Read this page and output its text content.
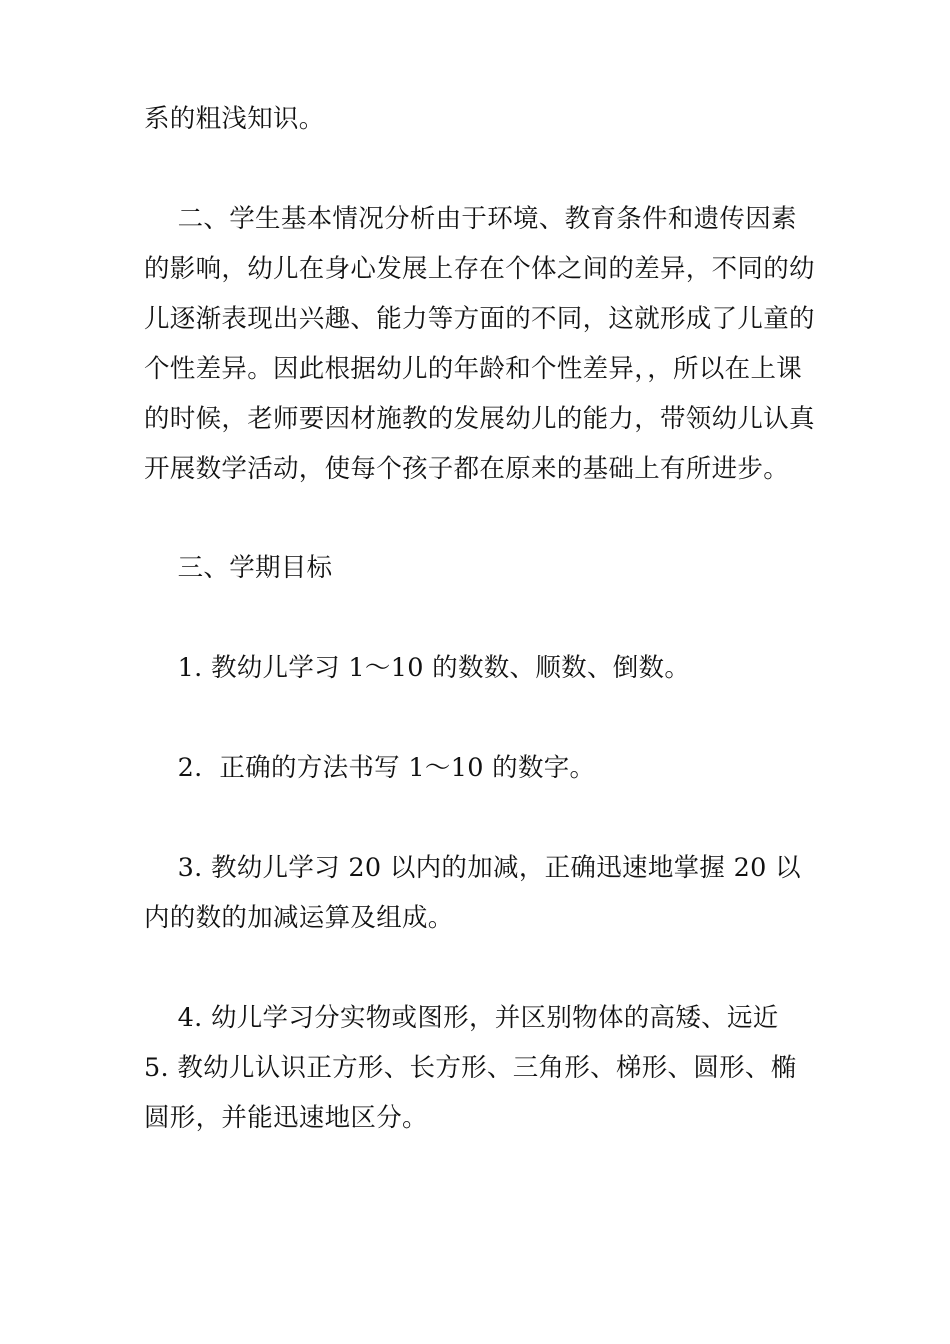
系的粗浅知识。
二、学生基本情况分析由于环境、教育条件和遗传因素
的影响，幼儿在身心发展上存在个体之间的差异，不同的幼
儿逐渐表现出兴趣、能力等方面的不同，这就形成了儿童的
个性差异。因此根据幼儿的年龄和个性差异，，所以在上课
的时候，老师要因材施教的发展幼儿的能力，带领幼儿认真
开展数学活动，使每个孩子都在原来的基础上有所进步。
三、学期目标
1. 教幼儿学习 1～10 的数数、顺数、倒数。
2.  正确的方法书写 1～10 的数字。
3. 教幼儿学习 20 以内的加减，正确迅速地掌握 20 以
内的数的加减运算及组成。
4. 幼儿学习分实物或图形，并区别物体的高矮、远近
5. 教幼儿认识正方形、长方形、三角形、梯形、圆形、椭
圆形，并能迅速地区分。
